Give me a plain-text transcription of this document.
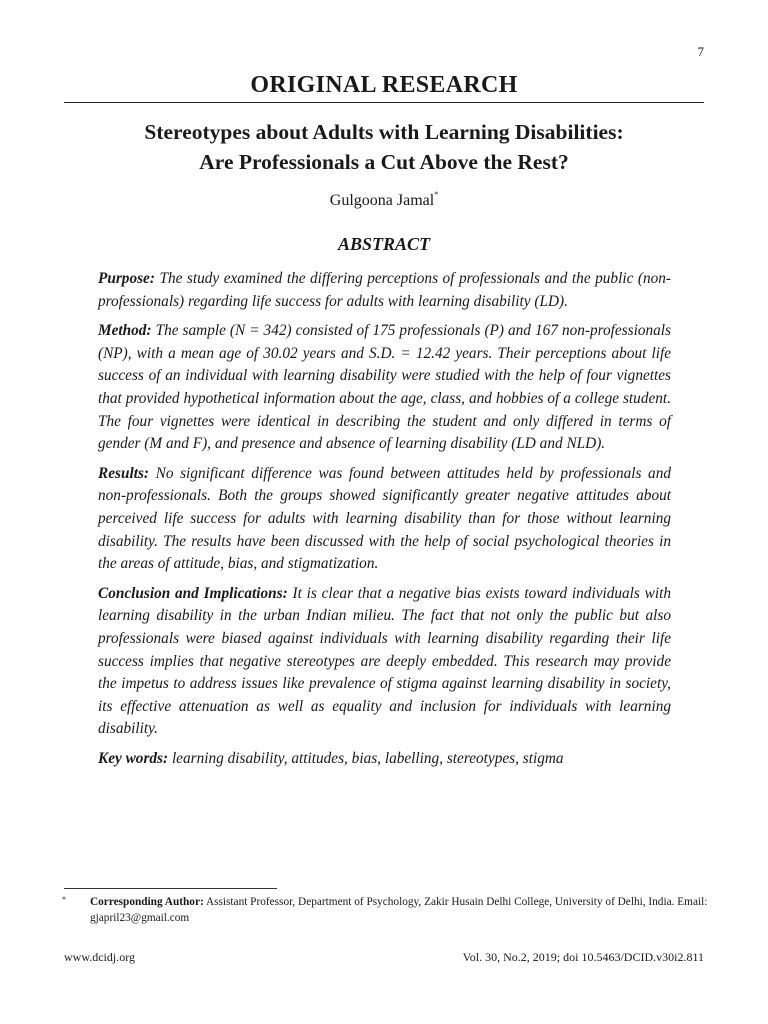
7
ORIGINAL RESEARCH
Stereotypes about Adults with Learning Disabilities:
Are Professionals a Cut Above the Rest?
Gulgoona Jamal*
ABSTRACT

Purpose: The study examined the differing perceptions of professionals and the public (non-professionals) regarding life success for adults with learning disability (LD).

Method: The sample (N = 342) consisted of 175 professionals (P) and 167 non-professionals (NP), with a mean age of 30.02 years and S.D. = 12.42 years. Their perceptions about life success of an individual with learning disability were studied with the help of four vignettes that provided hypothetical information about the age, class, and hobbies of a college student. The four vignettes were identical in describing the student and only differed in terms of gender (M and F), and presence and absence of learning disability (LD and NLD).

Results: No significant difference was found between attitudes held by professionals and non-professionals. Both the groups showed significantly greater negative attitudes about perceived life success for adults with learning disability than for those without learning disability. The results have been discussed with the help of social psychological theories in the areas of attitude, bias, and stigmatization.

Conclusion and Implications: It is clear that a negative bias exists toward individuals with learning disability in the urban Indian milieu. The fact that not only the public but also professionals were biased against individuals with learning disability regarding their life success implies that negative stereotypes are deeply embedded. This research may provide the impetus to address issues like prevalence of stigma against learning disability in society, its effective attenuation as well as equality and inclusion for individuals with learning disability.

Key words: learning disability, attitudes, bias, labelling, stereotypes, stigma

*	Corresponding Author: Assistant Professor, Department of Psychology, Zakir Husain Delhi College, University of Delhi, India. Email: gjapril23@gmail.com
www.dcidj.org	Vol. 30, No.2, 2019; doi 10.5463/DCID.v30i2.811
